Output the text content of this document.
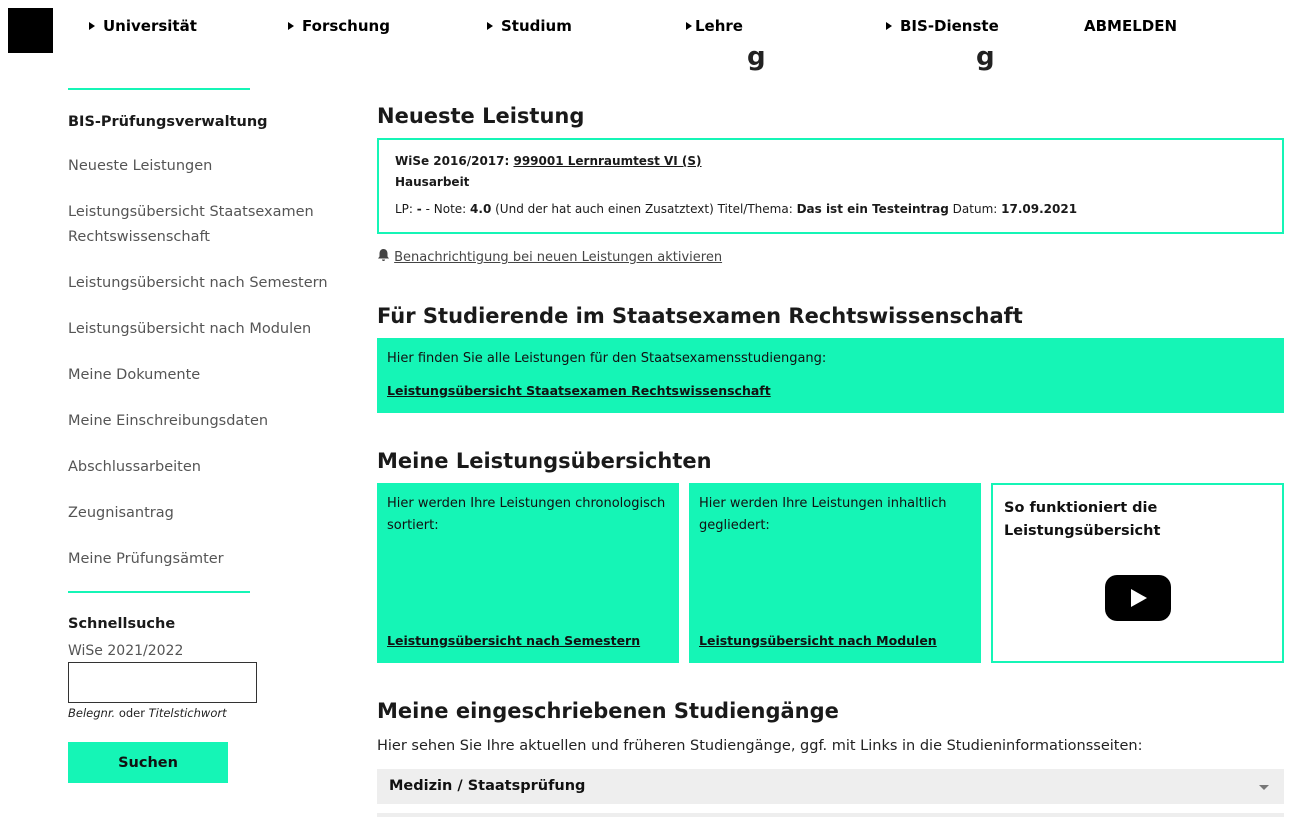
Universität	Forschung	Studium	Lehre	BIS-Dienste	ABMELDEN
g	g
BIS-Prüfungsverwaltung
Neueste Leistungen
Leistungsübersicht Staatsexamen Rechtswissenschaft
Leistungsübersicht nach Semestern
Leistungsübersicht nach Modulen
Meine Dokumente
Meine Einschreibungsdaten
Abschlussarbeiten
Zeugnisantrag
Meine Prüfungsämter
Schnellsuche
WiSe 2021/2022
Belegnr. oder Titelstichwort
Suchen
Neueste Leistung
WiSe 2016/2017: 999001 Lernraumtest VI (S)
Hausarbeit
LP: - - Note: 4.0 (Und der hat auch einen Zusatztext) Titel/Thema: Das ist ein Testeintrag Datum: 17.09.2021
Benachrichtigung bei neuen Leistungen aktivieren
Für Studierende im Staatsexamen Rechtswissenschaft
Hier finden Sie alle Leistungen für den Staatsexamensstudiengang:
Leistungsübersicht Staatsexamen Rechtswissenschaft
Meine Leistungsübersichten
Hier werden Ihre Leistungen chronologisch sortiert:
Leistungsübersicht nach Semestern
Hier werden Ihre Leistungen inhaltlich gegliedert:
Leistungsübersicht nach Modulen
So funktioniert die Leistungsübersicht
Meine eingeschriebenen Studiengänge
Hier sehen Sie Ihre aktuellen und früheren Studiengänge, ggf. mit Links in die Studieninformationsseiten:
Medizin / Staatsprüfung
